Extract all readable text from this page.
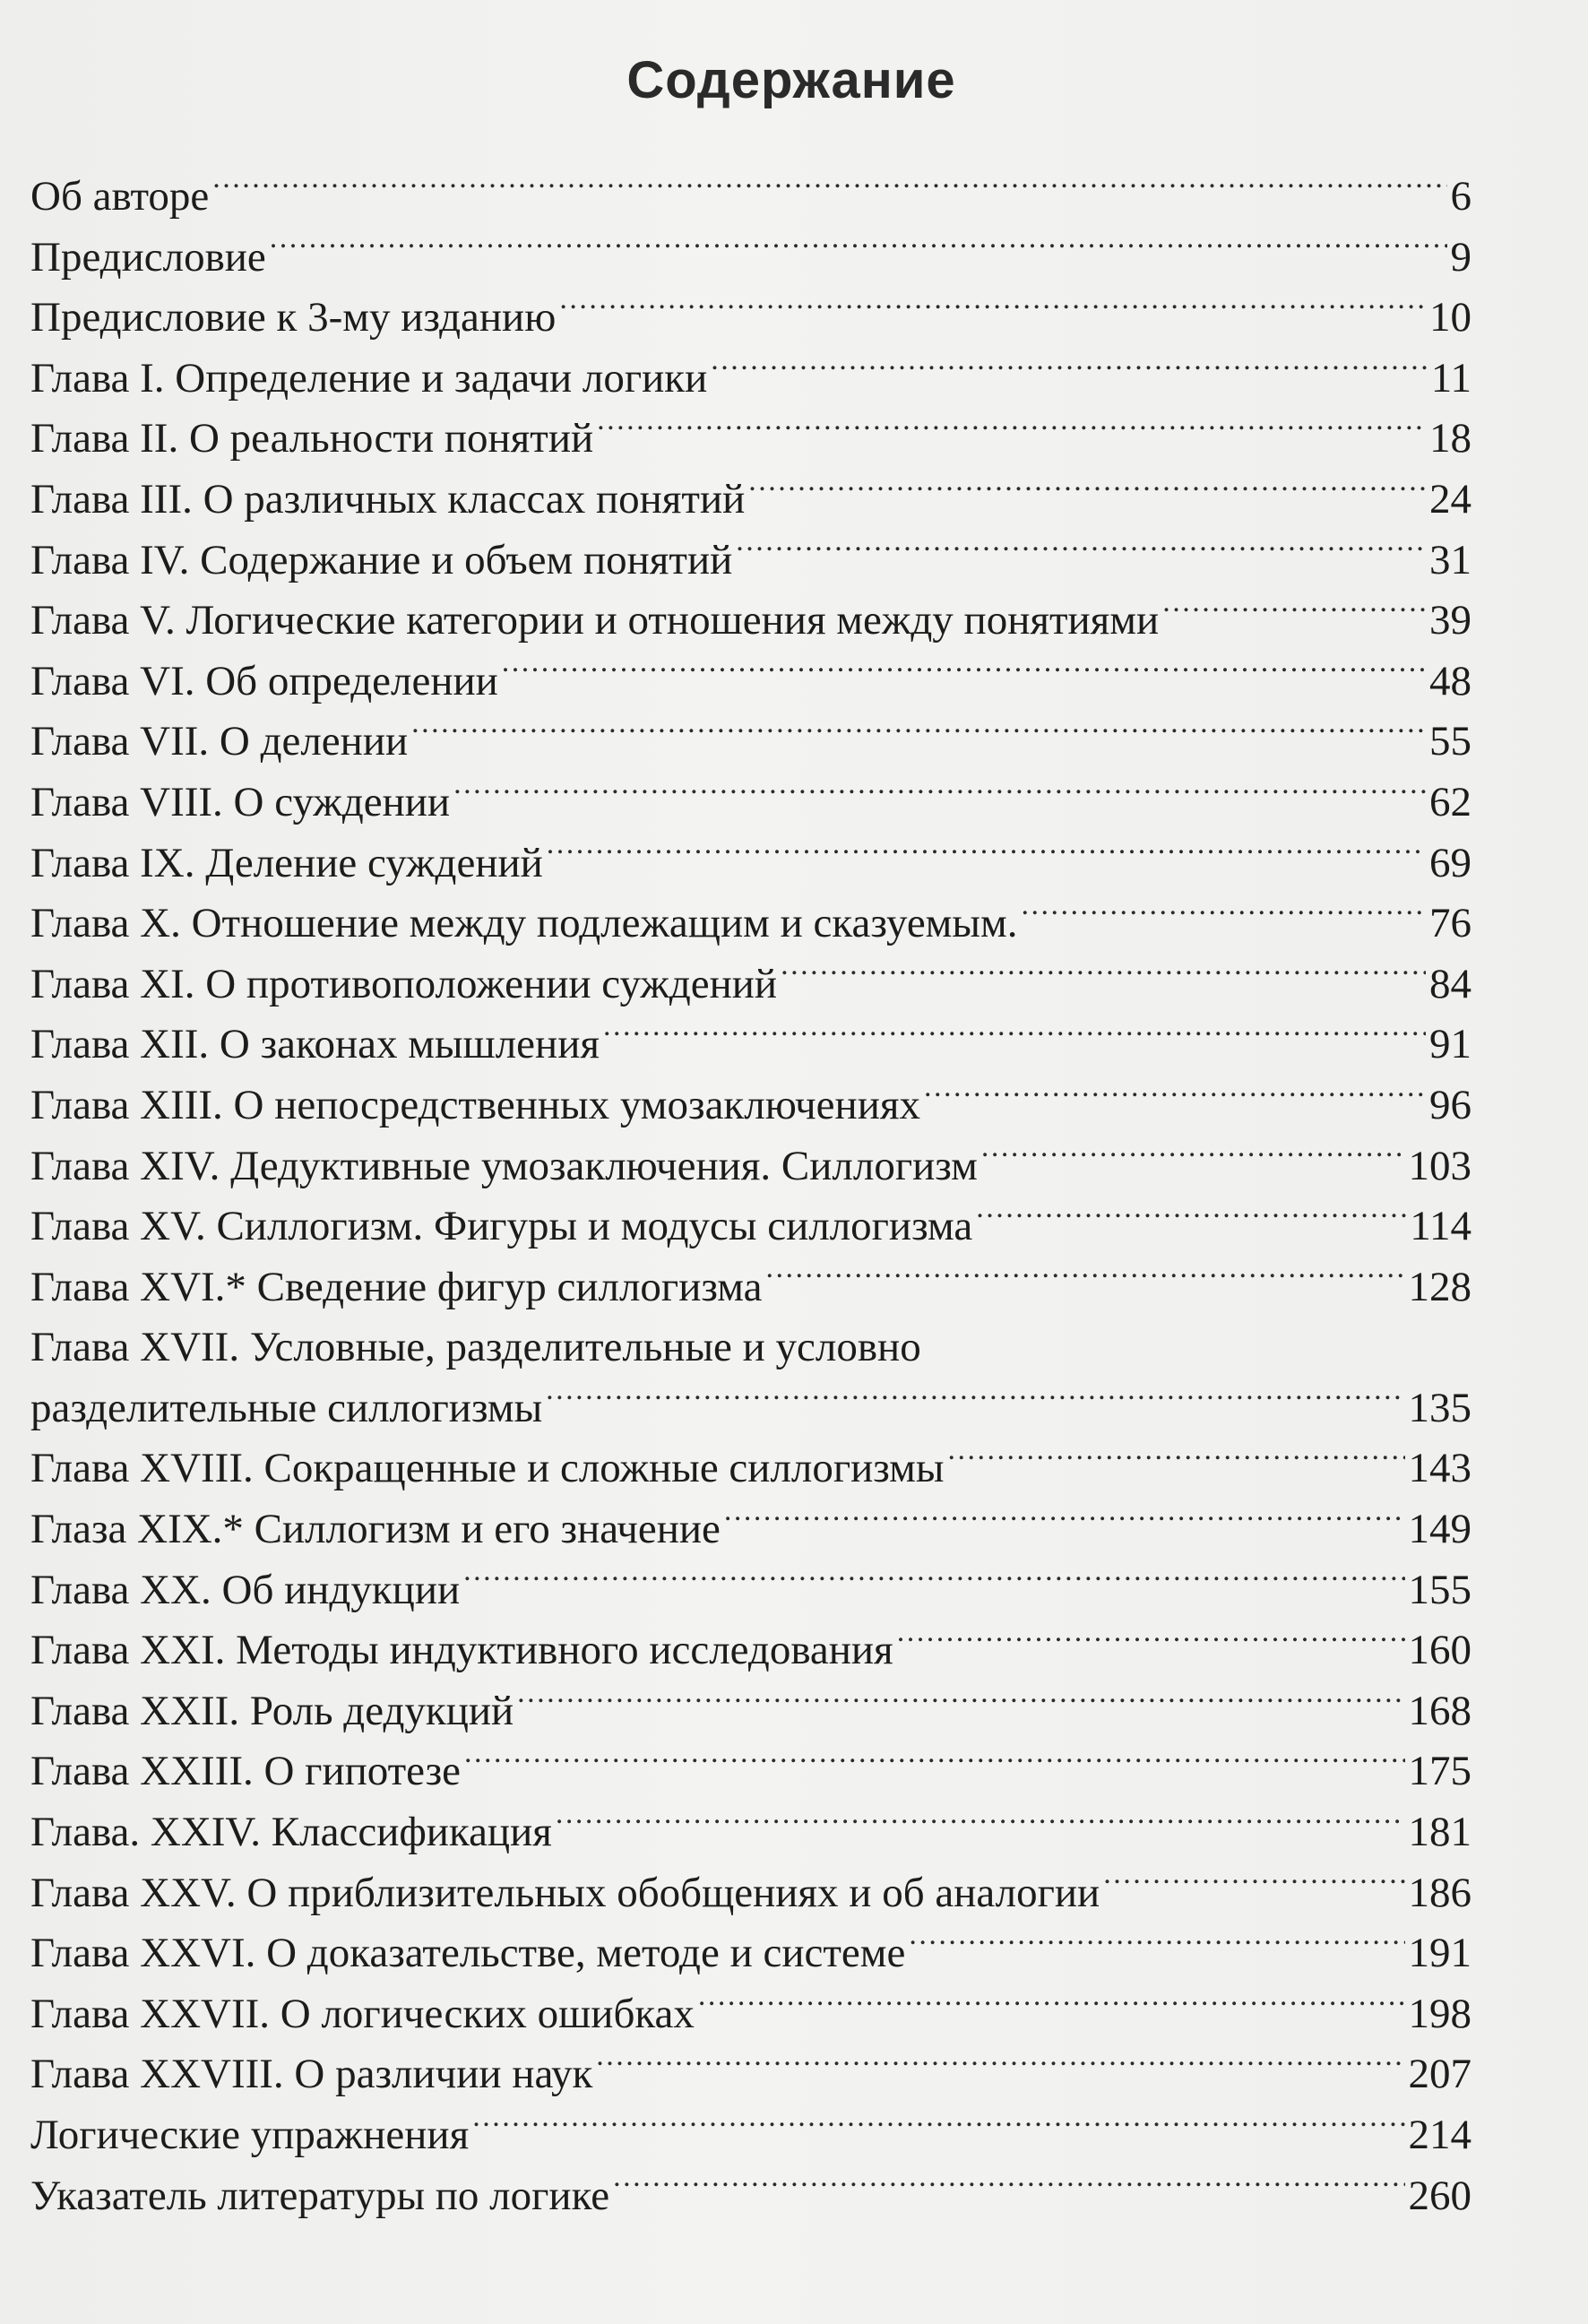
Содержание
Об авторе . . .	6
Предисловие . . .	9
Предисловие к 3-му изданию . . .	10
Глава I. Определение и задачи логики . . .	11
Глава II. О реальности понятий . . .	18
Глава III. О различных классах понятий . . .	24
Глава IV. Содержание и объем понятий . . .	31
Глава V. Логические категории и отношения между понятиями . . .	39
Глава VI. Об определении . . .	48
Глава VII. О делении . . .	55
Глава VIII. О суждении . . .	62
Глава IX. Деление суждений . . .	69
Глава X. Отношение между подлежащим и сказуемым. . . .	76
Глава XI. О противоположении суждений . . .	84
Глава XII. О законах мышления . . .	91
Глава XIII. О непосредственных умозаключениях . . .	96
Глава XIV. Дедуктивные умозаключения. Силлогизм . . .	103
Глава XV. Силлогизм. Фигуры и модусы силлогизма . . .	114
Глава XVI.* Сведение фигур силлогизма . . .	128
Глава XVII. Условные, разделительные и условно
разделительные силлогизмы . . .	135
Глава XVIII. Сокращенные и сложные силлогизмы . . .	143
Глаза XIX.* Силлогизм и его значение . . .	149
Глава XX. Об индукции . . .	155
Глава XXI. Методы индуктивного исследования . . .	160
Глава XXII. Роль дедукций . . .	168
Глава XXIII. О гипотезе . . .	175
Глава. XXIV. Классификация . . .	181
Глава XXV. О приблизительных обобщениях и об аналогии . . .	186
Глава XXVI. О доказательстве, методе и системе . . .	191
Глава XXVII. О логических ошибках . . .	198
Глава XXVIII. О различии наук . . .	207
Логические упражнения . . .	214
Указатель литературы по логике . . .	260
